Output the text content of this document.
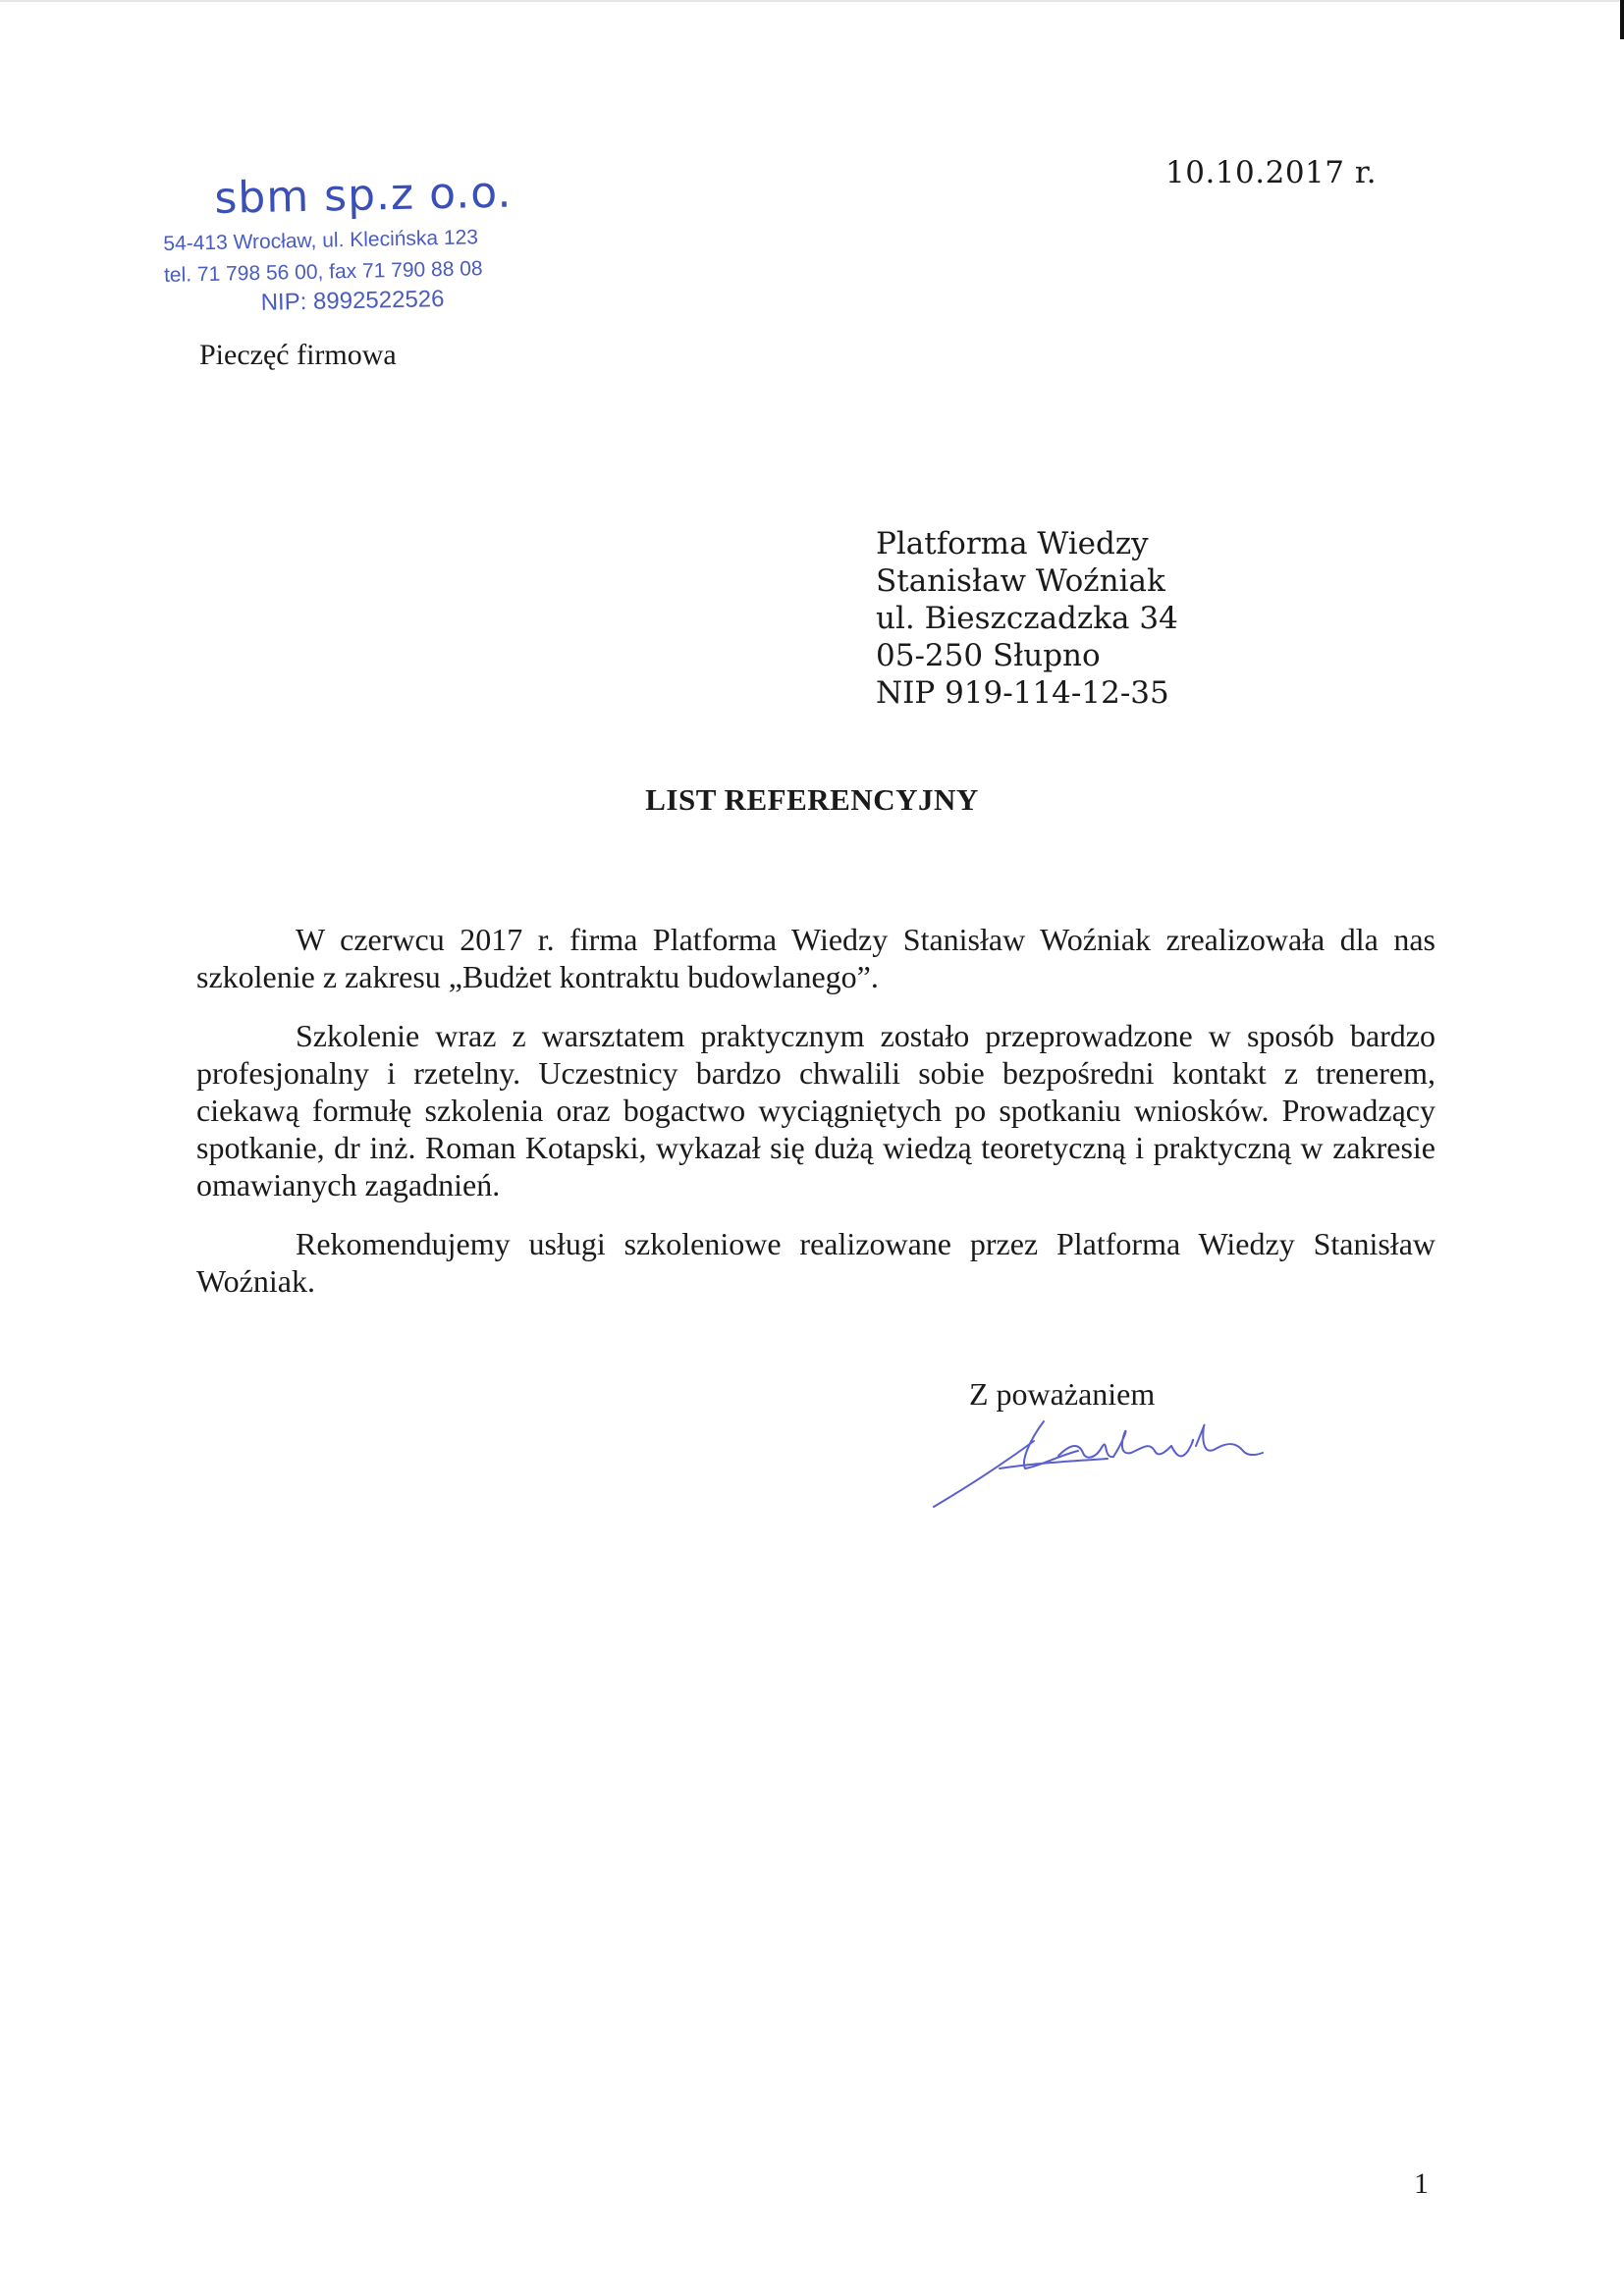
10.10.2017 r.
sbm sp.z o.o.
54-413 Wrocław, ul. Klecińska 123
tel. 71 798 56 00, fax 71 790 88 08
NIP: 8992522526
Pieczęć firmowa
Platforma Wiedzy
Stanisław Woźniak
ul. Bieszczadzka 34
05-250 Słupno
NIP 919-114-12-35
LIST REFERENCYJNY

W czerwcu 2017 r. firma Platforma Wiedzy Stanisław Woźniak zrealizowała dla nas szkolenie z zakresu „Budżet kontraktu budowlanego”.

Szkolenie wraz z warsztatem praktycznym zostało przeprowadzone w sposób bardzo profesjonalny i rzetelny. Uczestnicy bardzo chwalili sobie bezpośredni kontakt z trenerem, ciekawą formułę szkolenia oraz bogactwo wyciągniętych po spotkaniu wniosków. Prowadzący spotkanie, dr inż. Roman Kotapski, wykazał się dużą wiedzą teoretyczną i praktyczną w zakresie omawianych zagadnień.

Rekomendujemy usługi szkoleniowe realizowane przez Platforma Wiedzy Stanisław Woźniak.

Z poważaniem
1
